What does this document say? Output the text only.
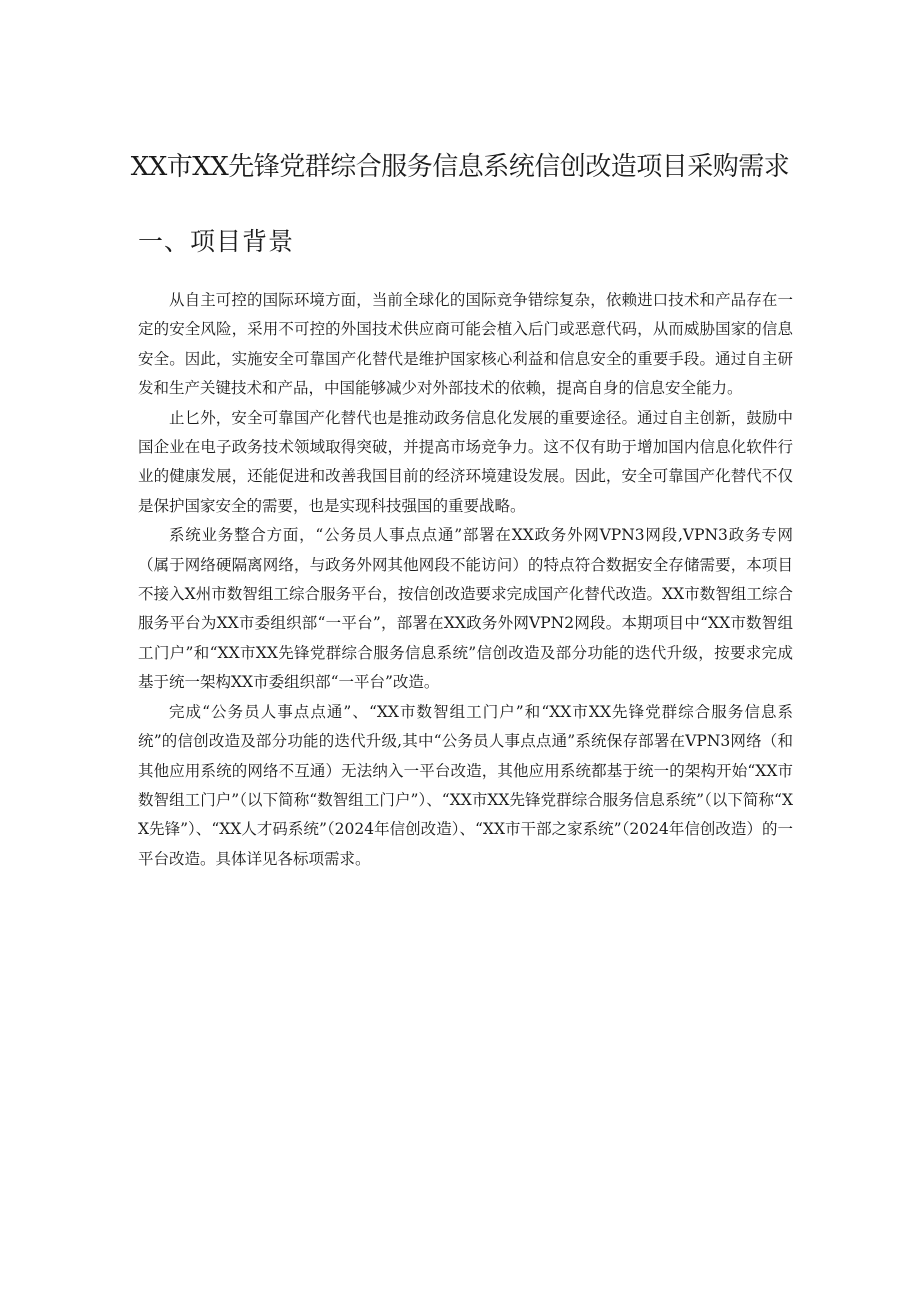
XX市XX先锋党群综合服务信息系统信创改造项目采购需求
一、项目背景

从自主可控的国际环境方面，当前全球化的国际竞争错综复杂，依赖进口技术和产品存在一定的安全风险，采用不可控的外国技术供应商可能会植入后门或恶意代码，从而威胁国家的信息安全。因此，实施安全可靠国产化替代是维护国家核心利益和信息安全的重要手段。通过自主研发和生产关键技术和产品，中国能够减少对外部技术的依赖，提高自身的信息安全能力。

止匕外，安全可靠国产化替代也是推动政务信息化发展的重要途径。通过自主创新，鼓励中国企业在电子政务技术领域取得突破，并提高市场竞争力。这不仅有助于增加国内信息化软件行业的健康发展，还能促进和改善我国目前的经济环境建设发展。因此，安全可靠国产化替代不仅是保护国家安全的需要，也是实现科技强国的重要战略。

系统业务整合方面，“公务员人事点点通”部署在XX政务外网VPN3网段,VPN3政务专网（属于网络硬隔离网络，与政务外网其他网段不能访问）的特点符合数据安全存储需要，本项目不接入X州市数智组工综合服务平台，按信创改造要求完成国产化替代改造。XX市数智组工综合服务平台为XX市委组织部“一平台”，部署在XX政务外网VPN2网段。本期项目中“XX市数智组工门户”和“XX市XX先锋党群综合服务信息系统”信创改造及部分功能的迭代升级，按要求完成基于统一架构XX市委组织部“一平台”改造。

完成“公务员人事点点通”、“XX市数智组工门户”和“XX市XX先锋党群综合服务信息系统”的信创改造及部分功能的迭代升级,其中“公务员人事点点通”系统保存部署在VPN3网络（和其他应用系统的网络不互通）无法纳入一平台改造，其他应用系统都基于统一的架构开始“XX市数智组工门户”（以下简称“数智组工门户”）、“XX市XX先锋党群综合服务信息系统”（以下简称“XX先锋”）、“XX人才码系统”（2024年信创改造）、“XX市干部之家系统”（2024年信创改造）的一平台改造。具体详见各标项需求。
